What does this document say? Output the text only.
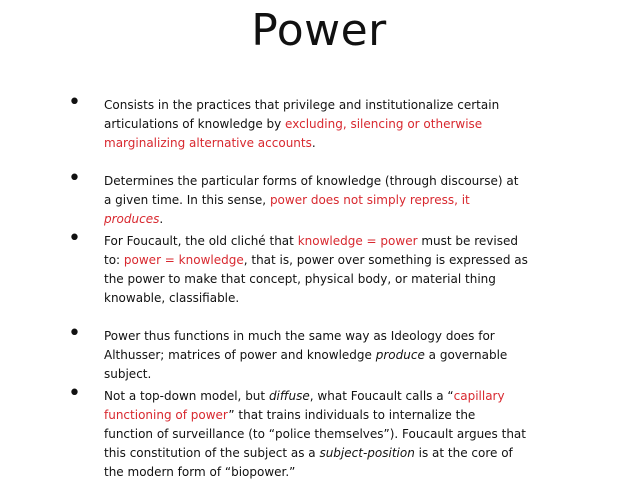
Power
• Consists in the practices that privilege and institutionalize certain articulations of knowledge by excluding, silencing or otherwise marginalizing alternative accounts.
• Determines the particular forms of knowledge (through discourse) at a given time. In this sense, power does not simply repress, it produces.
• For Foucault, the old cliché that knowledge = power must be revised to: power = knowledge, that is, power over something is expressed as the power to make that concept, physical body, or material thing knowable, classifiable.
• Power thus functions in much the same way as Ideology does for Althusser; matrices of power and knowledge produce a governable subject.
• Not a top-down model, but diffuse, what Foucault calls a “capillary functioning of power” that trains individuals to internalize the function of surveillance (to “police themselves”). Foucault argues that this constitution of the subject as a subject-position is at the core of the modern form of “biopower.”
